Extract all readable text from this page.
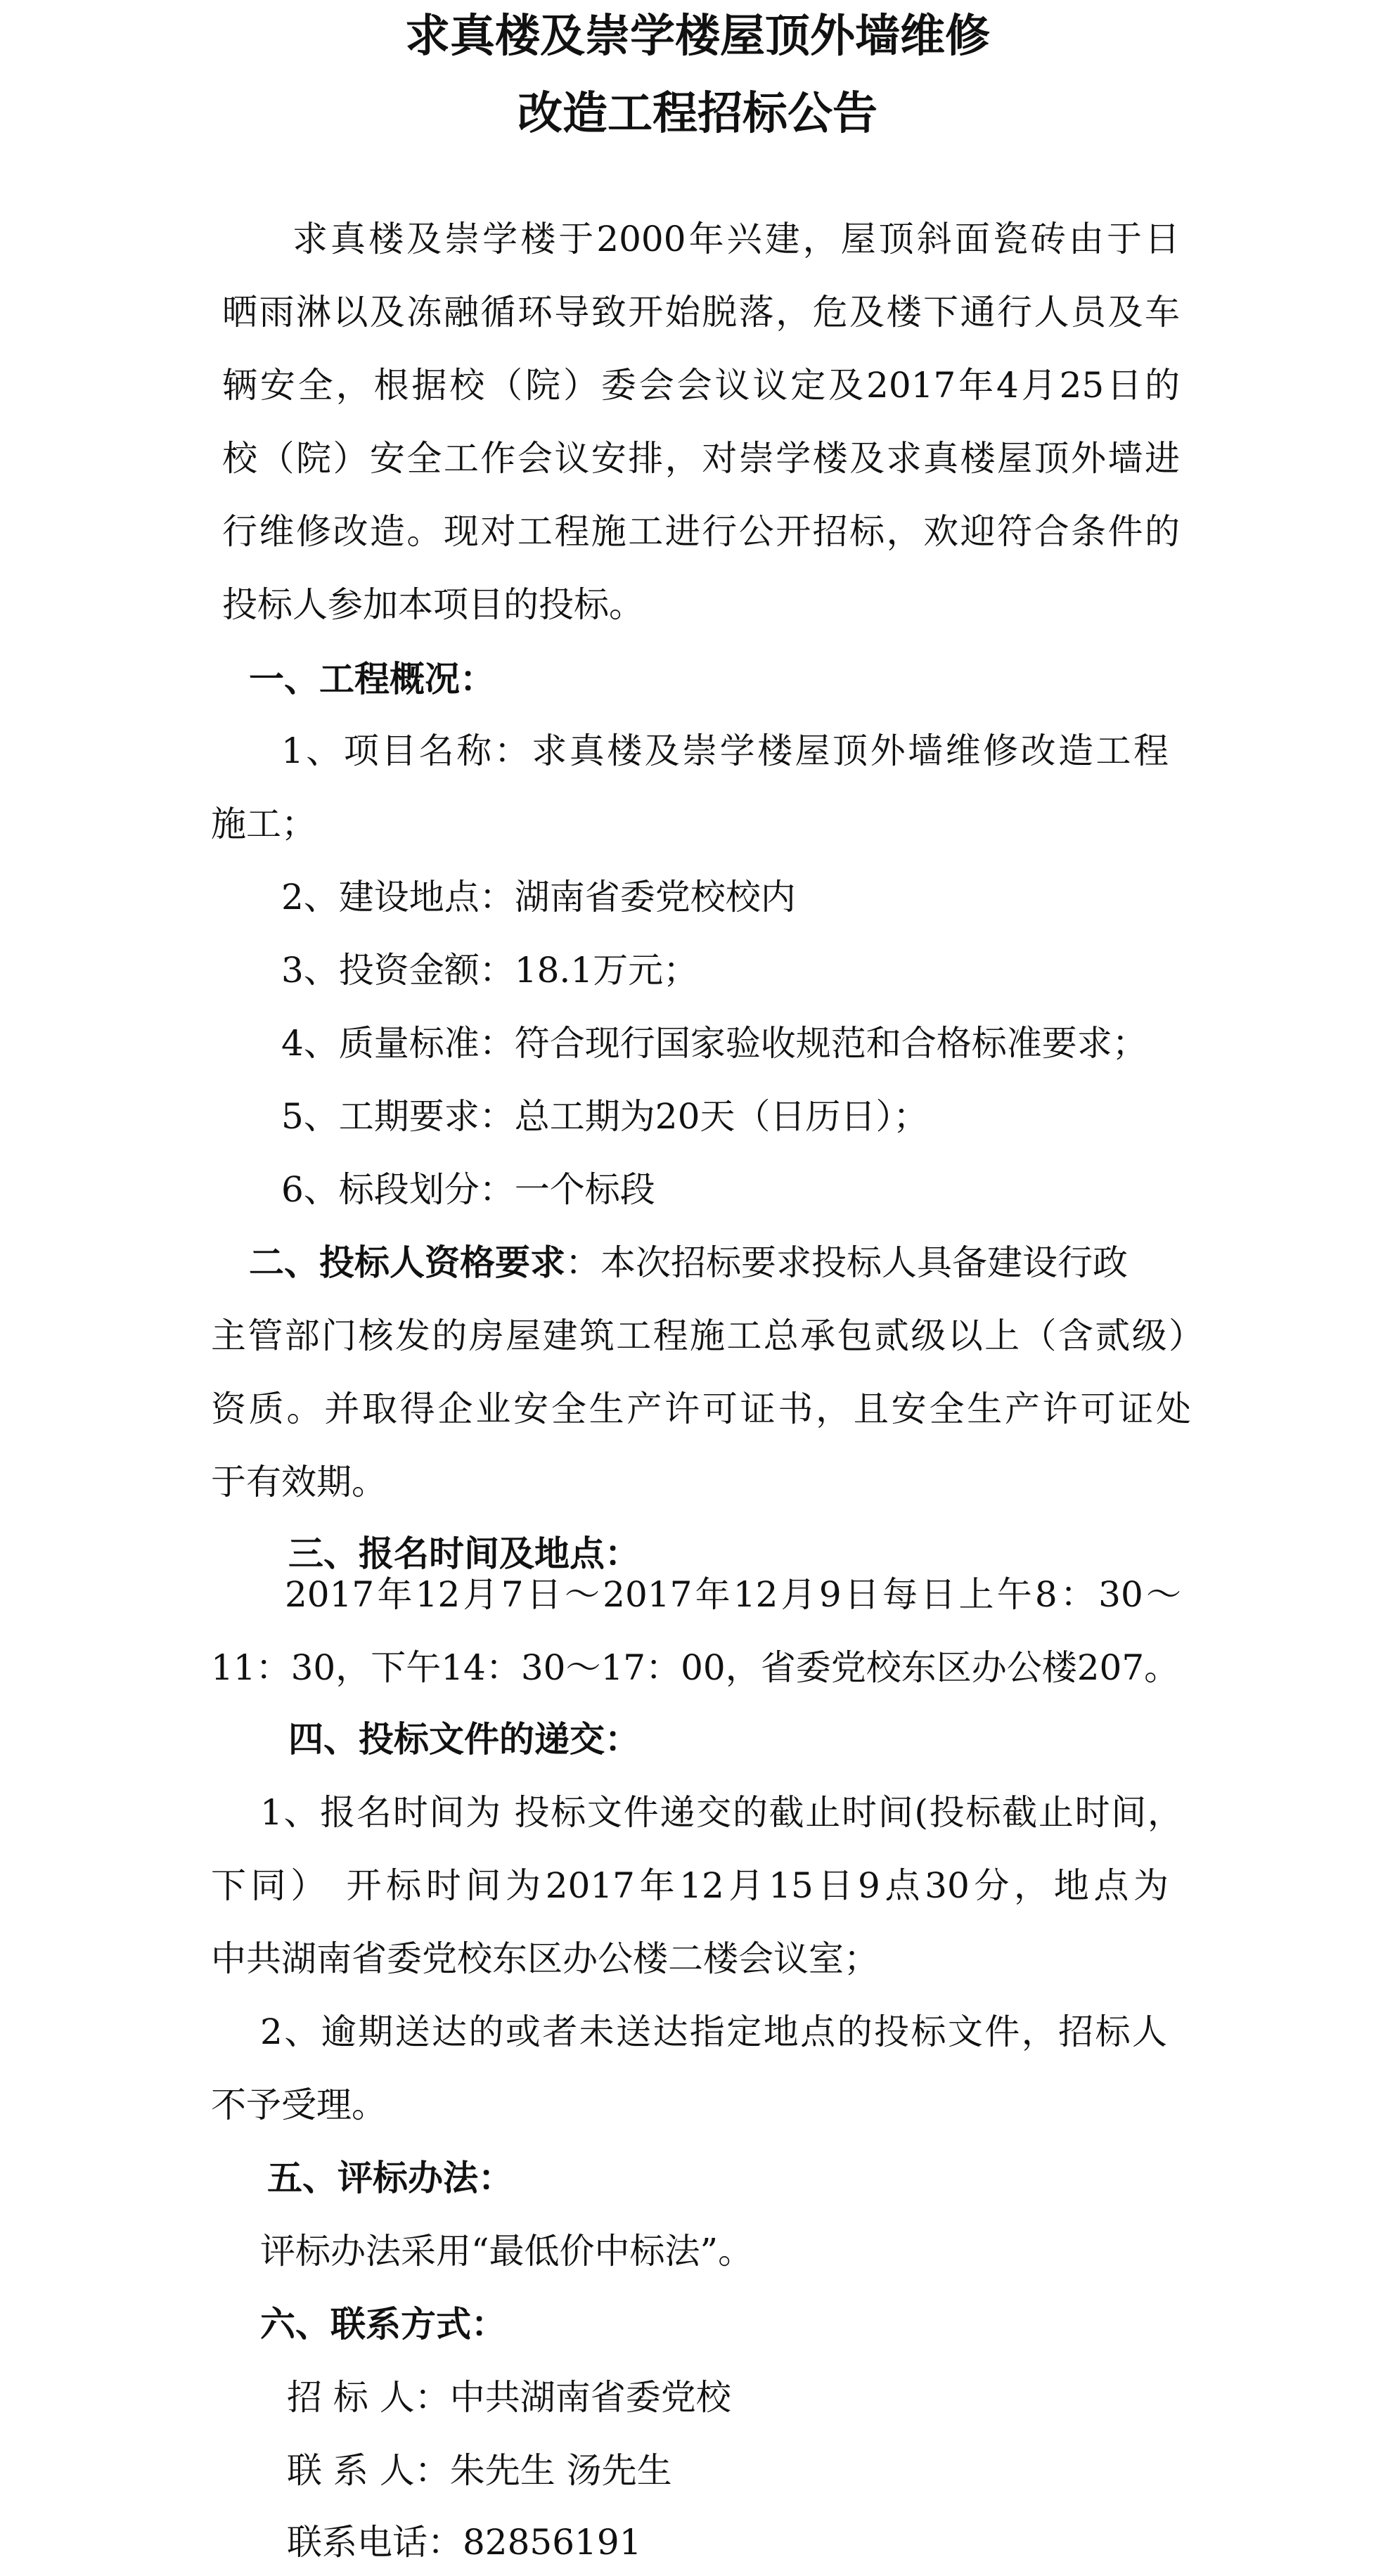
求真楼及崇学楼屋顶外墙维修
改造工程招标公告

求真楼及崇学楼于2000年兴建，屋顶斜面瓷砖由于日

晒雨淋以及冻融循环导致开始脱落，危及楼下通行人员及车

辆安全，根据校（院）委会会议议定及2017年4月25日的

校（院）安全工作会议安排，对崇学楼及求真楼屋顶外墙进

行维修改造。现对工程施工进行公开招标，欢迎符合条件的

投标人参加本项目的投标。

一、工程概况：

1、项目名称：求真楼及崇学楼屋顶外墙维修改造工程

施工；

2、建设地点：湖南省委党校校内

3、投资金额：18.1万元；

4、质量标准：符合现行国家验收规范和合格标准要求；

5、工期要求：总工期为20天（日历日）；

6、标段划分：一个标段

二、投标人资格要求：本次招标要求投标人具备建设行政

主管部门核发的房屋建筑工程施工总承包贰级以上（含贰级）

资质。并取得企业安全生产许可证书，且安全生产许可证处

于有效期。

三、报名时间及地点：

2017年12月7日～2017年12月9日每日上午8：30～

11：30，下午14：30～17：00，省委党校东区办公楼207。

四、投标文件的递交：

1、报名时间为 投标文件递交的截止时间(投标截止时间，

下同） 开标时间为2017年12月15日9点30分，地点为

中共湖南省委党校东区办公楼二楼会议室；

2、逾期送达的或者未送达指定地点的投标文件，招标人

不予受理。

五、评标办法：

评标办法采用“最低价中标法”。

六、联系方式：

招 标 人：中共湖南省委党校

联 系 人：朱先生 汤先生

联系电话：82856191
